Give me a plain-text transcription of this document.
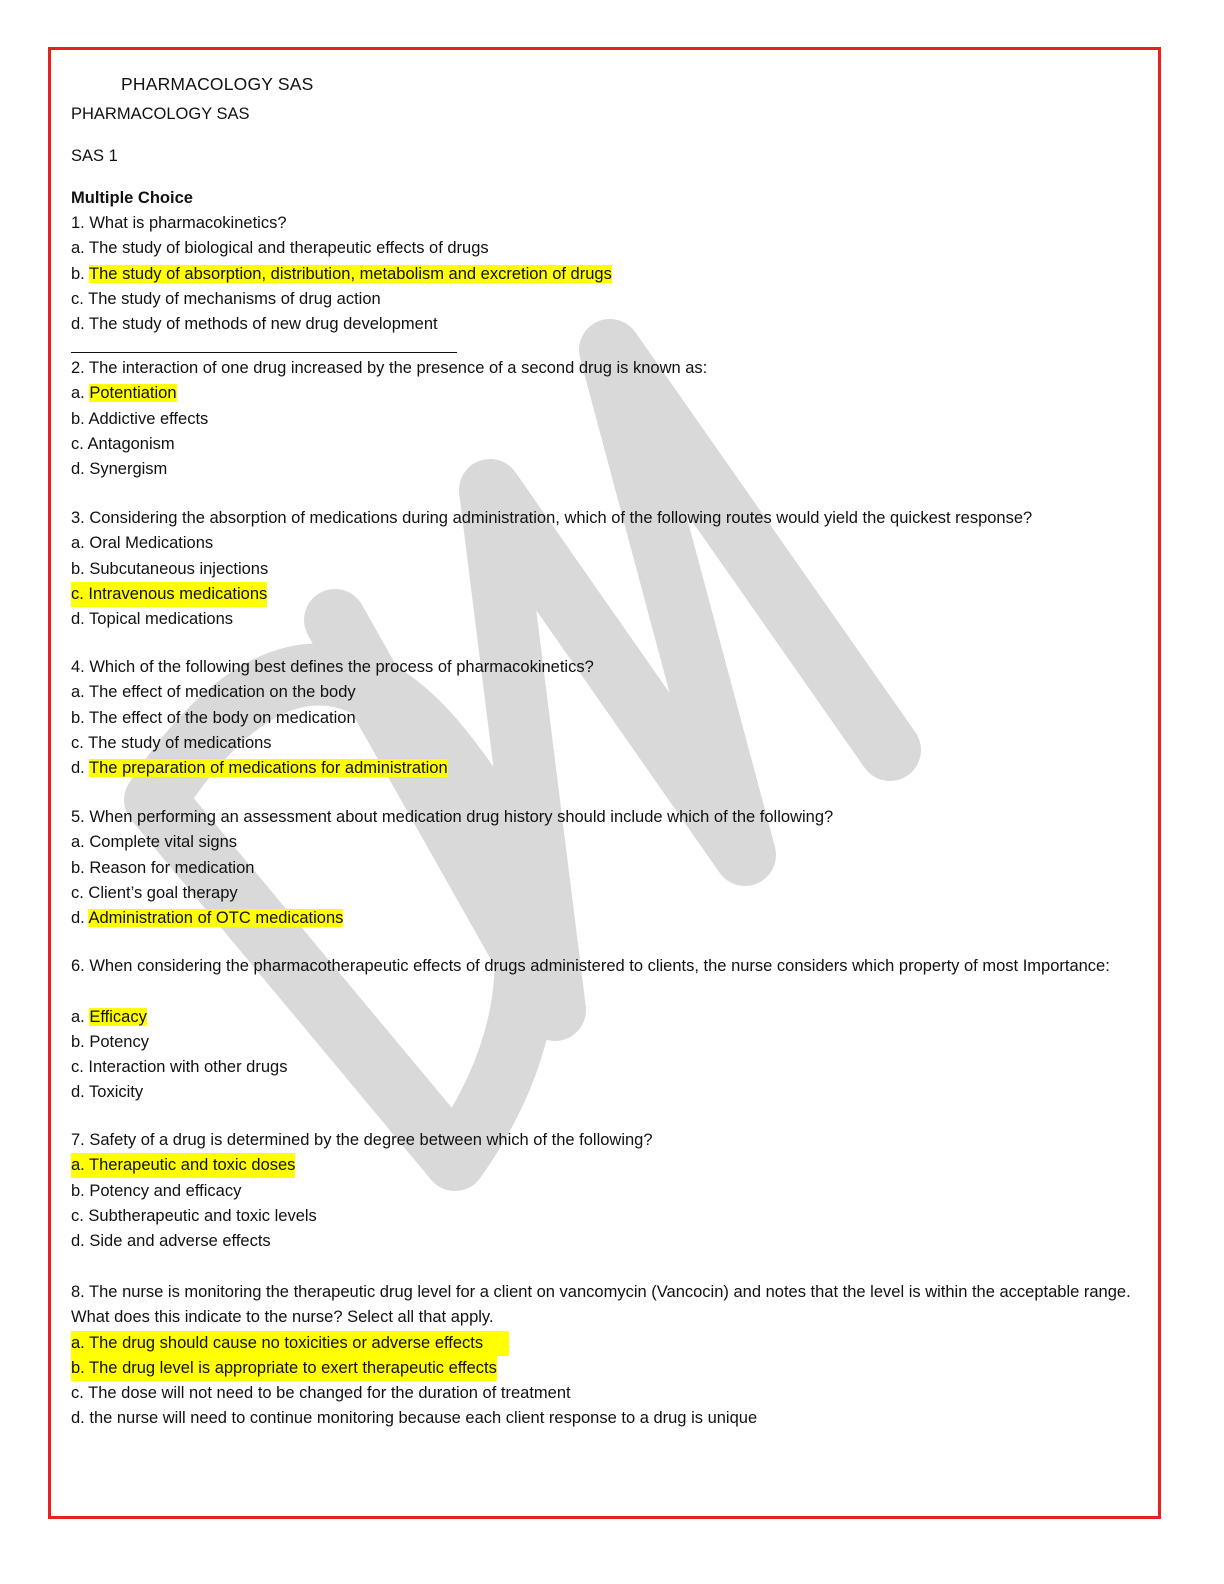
PHARMACOLOGY SAS
PHARMACOLOGY SAS
SAS 1
Multiple Choice
1. What is pharmacokinetics?
a. The study of biological and therapeutic effects of drugs
b. The study of absorption, distribution, metabolism and excretion of drugs
c. The study of mechanisms of drug action
d. The study of methods of new drug development
2. The interaction of one drug increased by the presence of a second drug is known as:
a. Potentiation
b. Addictive effects
c. Antagonism
d. Synergism
3. Considering the absorption of medications during administration, which of the following routes would yield the quickest response?
a. Oral Medications
b. Subcutaneous injections
c. Intravenous medications
d. Topical medications
4. Which of the following best defines the process of pharmacokinetics?
a. The effect of medication on the body
b. The effect of the body on medication
c. The study of medications
d. The preparation of medications for administration
5. When performing an assessment about medication drug history should include which of the following?
a. Complete vital signs
b. Reason for medication
c. Client’s goal therapy
d. Administration of OTC medications
6. When considering the pharmacotherapeutic effects of drugs administered to clients, the nurse considers which property of most Importance:
a. Efficacy
b. Potency
c. Interaction with other drugs
d. Toxicity
7. Safety of a drug is determined by the degree between which of the following?
a. Therapeutic and toxic doses
b. Potency and efficacy
c. Subtherapeutic and toxic levels
d. Side and adverse effects
8. The nurse is monitoring the therapeutic drug level for a client on vancomycin (Vancocin) and notes that the level is within the acceptable range. What does this indicate to the nurse? Select all that apply.
a. The drug should cause no toxicities or adverse effects
b. The drug level is appropriate to exert therapeutic effects
c. The dose will not need to be changed for the duration of treatment
d. the nurse will need to continue monitoring because each client response to a drug is unique
